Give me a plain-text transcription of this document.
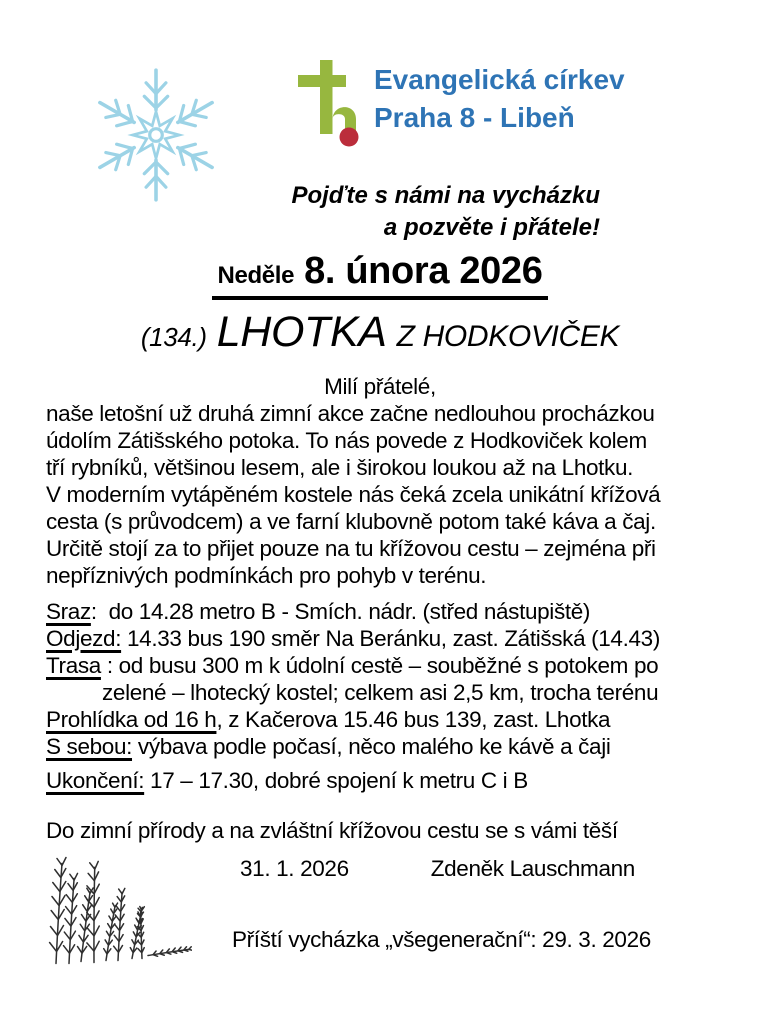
Evangelická církev
Praha 8 - Libeň
Pojďte s námi na vycházku
a pozvěte i přátele!
Neděle 8. února 2026
(134.) LHOTKA Z HODKOVIČEK
Milí přátelé,
naše letošní už druhá zimní akce začne nedlouhou procházkou
údolím Zátišského potoka. To nás povede z Hodkoviček kolem
tří rybníků, většinou lesem, ale i širokou loukou až na Lhotku.
V moderním vytápěném kostele nás čeká zcela unikátní křížová
cesta (s průvodcem) a ve farní klubovně potom také káva a čaj.
Určitě stojí za to přijet pouze na tu křížovou cestu – zejména při
nepříznivých podmínkách pro pohyb v terénu.
Sraz:  do 14.28 metro B - Smích. nádr. (střed nástupiště)
Odjezd: 14.33 bus 190 směr Na Beránku, zast. Zátišská (14.43)
Trasa : od busu 300 m k údolní cestě – souběžné s potokem po
zelené – lhotecký kostel; celkem asi 2,5 km, trocha terénu
Prohlídka od 16 h, z Kačerova 15.46 bus 139, zast. Lhotka
S sebou: výbava podle počasí, něco malého ke kávě a čaji
Ukončení: 17 – 17.30, dobré spojení k metru C i B
Do zimní přírody a na zvláštní křížovou cestu se s vámi těší
31. 1. 2026	Zdeněk Lauschmann
Příští vycházka „všegenerační“: 29. 3. 2026
